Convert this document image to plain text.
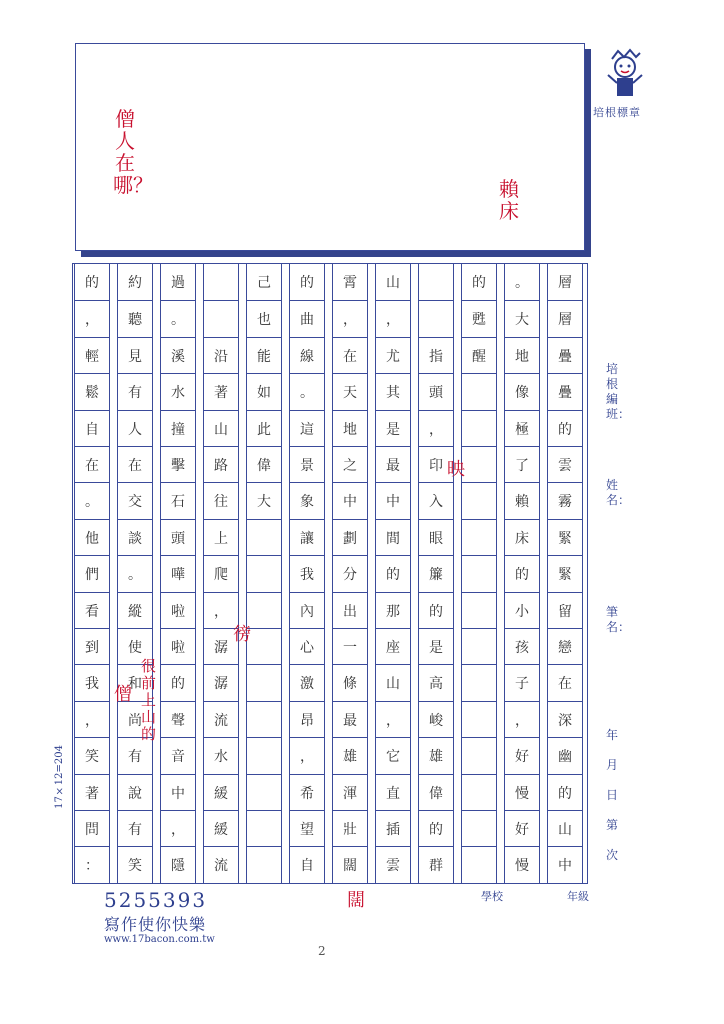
僧人在哪？	賴床
培根標章
層
層
疊
疊
的
雲
霧
緊
緊
留
戀
在
深
幽
的
山
中
。
大
地
像
極
了
賴
床
的
小
孩
子
，
好
慢
好
慢
的
甦
醒
指
頭
，
印
入
眼
簾
的
是
高
峻
雄
偉
的
群
山
，
尤
其
是
最
中
間
的
那
座
山
，
它
直
插
雲
霄
，
在
天
地
之
中
劃
分
出
一
條
最
雄
渾
壯
闊
的
曲
線
。
這
景
象
讓
我
內
心
激
昂
，
希
望
自
己
也
能
如
此
偉
大
沿
著
山
路
往
上
爬
，
潺
潺
流
水
緩
緩
流
過
。
溪
水
撞
擊
石
頭
嘩
啦
啦
的
聲
音
中
，
隱
約
聽
見
有
人
在
交
談
。
縱
使
和
尚
有
說
有
笑
的
，
輕
鬆
自
在
。
他
們
看
到
我
，
笑
著
問
：
培根編班：
姓名：
筆名：
年月日第次
17×12=204
學校	年級
5255393
寫作使你快樂
www.17bacon.com.tw
2
映
徬
僧
很前上山的
闊
